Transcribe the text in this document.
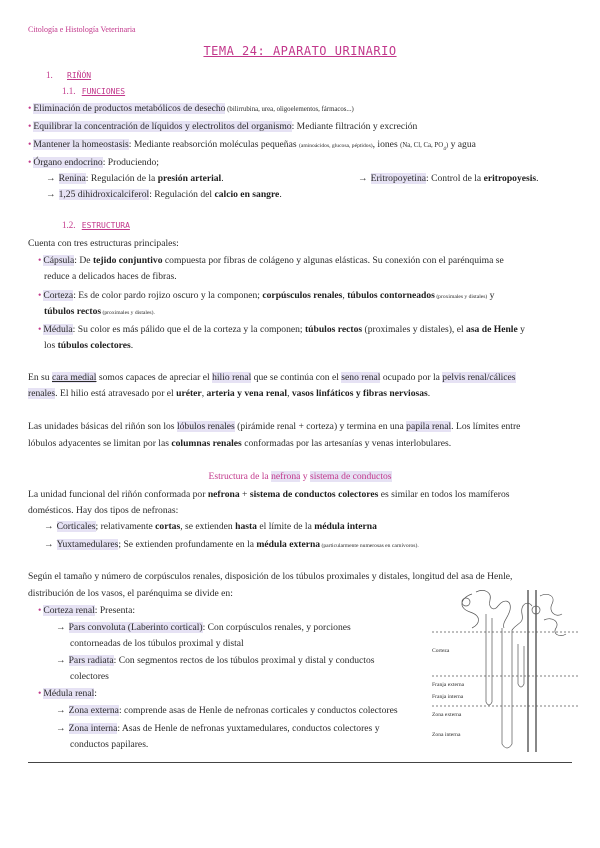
Citología e Histología Veterinaria
TEMA 24: APARATO URINARIO
1. RIÑÓN
1.1. FUNCIONES
• Eliminación de productos metabólicos de desecho (bilirrubina, urea, oligoelementos, fármacos...)
• Equilibrar la concentración de líquidos y electrolitos del organismo: Mediante filtración y excreción
• Mantener la homeostasis: Mediante reabsorción moléculas pequeñas (aminoácidos, glucosa, péptidos), iones (Na, Cl, Ca, $PO_4$) y agua
• Órgano endocrino: Produciendo;
→ Renina: Regulación de la presión arterial.	→ Eritropoyetina: Control de la eritropoyesis.
→ 1,25 dihidroxicalciferol: Regulación del calcio en sangre.
1.2. ESTRUCTURA
Cuenta con tres estructuras principales:
• Cápsula: De tejido conjuntivo compuesta por fibras de colágeno y algunas elásticas. Su conexión con el parénquima se
reduce a delicados haces de fibras.
• Corteza: Es de color pardo rojizo oscuro y la componen; corpúsculos renales, túbulos contorneados (proximales y distales) y
túbulos rectos (proximales y distales).
• Médula: Su color es más pálido que el de la corteza y la componen; túbulos rectos (proximales y distales), el asa de Henle y
los túbulos colectores.
En su cara medial somos capaces de apreciar el hilio renal que se continúa con el seno renal ocupado por la pelvis renal/cálices
renales. El hilio está atravesado por el uréter, arteria y vena renal, vasos linfáticos y fibras nerviosas.
Las unidades básicas del riñón son los lóbulos renales (pirámide renal + corteza) y termina en una papila renal. Los límites entre
lóbulos adyacentes se limitan por las columnas renales conformadas por las artesanías y venas interlobulares.
Estructura de la nefrona y sistema de conductos
La unidad funcional del riñón conformada por nefrona + sistema de conductos colectores es similar en todos los mamíferos
domésticos. Hay dos tipos de nefronas:
→ Corticales; relativamente cortas, se extienden hasta el límite de la médula interna
→ Yuxtamedulares; Se extienden profundamente en la médula externa (particularmente numerosas en carnívoros).
Según el tamaño y número de corpúsculos renales, disposición de los túbulos proximales y distales, longitud del asa de Henle,
distribución de los vasos, el parénquima se divide en:
• Corteza renal: Presenta:
→ Pars convoluta (Laberinto cortical): Con corpúsculos renales, y porciones
contorneadas de los túbulos proximal y distal
→ Pars radiata: Con segmentos rectos de los túbulos proximal y distal y conductos
colectores
• Médula renal:
→ Zona externa: comprende asas de Henle de nefronas corticales y conductos colectores
→ Zona interna: Asas de Henle de nefronas yuxtamedulares, conductos colectores y
conductos papilares.
Corteza
Franja externa
Franja interna
Zona externa
Zona interna
